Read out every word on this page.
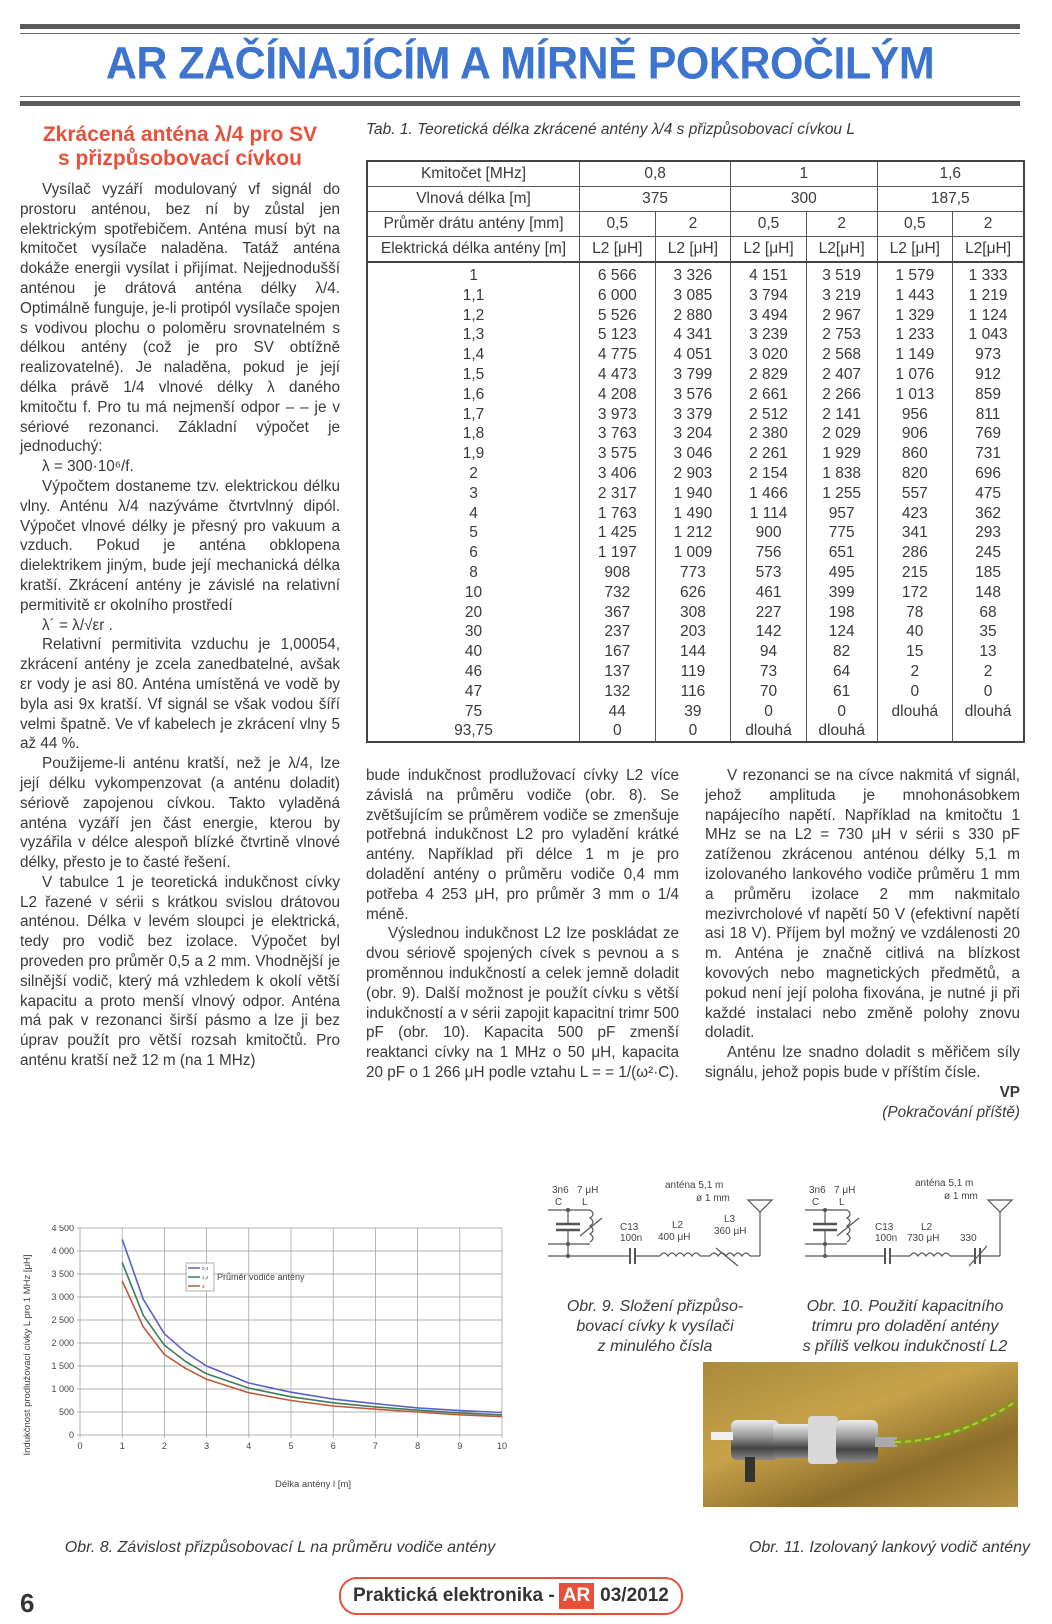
AR ZAČÍNAJÍCÍM A MÍRNĚ POKROČILÝM
Zkrácená anténa λ/4 pro SV
s přizpůsobovací cívkou

Vysílač vyzáří modulovaný vf signál do prostoru anténou, bez ní by zůstal jen elektrickým spotřebičem. Anténa musí být na kmitočet vysílače naladěna. Tatáž anténa dokáže energii vysílat i přijímat. Nejjednodušší anténou je drátová anténa délky λ/4. Optimálně funguje, je-li protipól vysílače spojen s vodivou plochu o poloměru srovnatelném s délkou antény (což je pro SV obtížně realizovatelné). Je naladěna, pokud je její délka právě 1/4 vlnové délky λ daného kmitočtu f. Pro tu má nejmenší odpor – – je v sériové rezonanci. Základní výpočet je jednoduchý:

λ = 300·10⁶/f.

Výpočtem dostaneme tzv. elektrickou délku vlny. Anténu λ/4 nazýváme čtvrtvlnný dipól. Výpočet vlnové délky je přesný pro vakuum a vzduch. Pokud je anténa obklopena dielektrikem jiným, bude její mechanická délka kratší. Zkrácení antény je závislé na relativní permitivitě εr okolního prostředí

λ´ = λ/√εr .

Relativní permitivita vzduchu je 1,00054, zkrácení antény je zcela zanedbatelné, avšak εr vody je asi 80. Anténa umístěná ve vodě by byla asi 9x kratší. Vf signál se však vodou šíří velmi špatně. Ve vf kabelech je zkrácení vlny 5 až 44 %.

Použijeme-li anténu kratší, než je λ/4, lze její délku vykompenzovat (a anténu doladit) sériově zapojenou cívkou. Takto vyladěná anténa vyzáří jen část energie, kterou by vyzářila v délce alespoň blízké čtvrtině vlnové délky, přesto je to časté řešení.

V tabulce 1 je teoretická indukčnost cívky L2 řazené v sérii s krátkou svislou drátovou anténou. Délka v levém sloupci je elektrická, tedy pro vodič bez izolace. Výpočet byl proveden pro průměr 0,5 a 2 mm. Vhodnější je silnější vodič, který má vzhledem k okolí větší kapacitu a proto menší vlnový odpor. Anténa má pak v rezonanci širší pásmo a lze ji bez úprav použít pro větší rozsah kmitočtů. Pro anténu kratší než 12 m (na 1 MHz)

Tab. 1. Teoretická délka zkrácené antény λ/4 s přizpůsobovací cívkou L
Kmitočet [MHz]	0,8		1		1,6	
Vlnová délka [m]	375		300		187,5	
Průměr drátu antény [mm]	0,5	2	0,5	2	0,5	2
Elektrická délka antény [m]	L2 [μH]	L2 [μH]	L2 [μH]	L2[μH]	L2 [μH]	L2[μH]
1	6 566	3 326	4 151	3 519	1 579	1 333
1,1	6 000	3 085	3 794	3 219	1 443	1 219
1,2	5 526	2 880	3 494	2 967	1 329	1 124
1,3	5 123	4 341	3 239	2 753	1 233	1 043
1,4	4 775	4 051	3 020	2 568	1 149	973
1,5	4 473	3 799	2 829	2 407	1 076	912
1,6	4 208	3 576	2 661	2 266	1 013	859
1,7	3 973	3 379	2 512	2 141	956	811
1,8	3 763	3 204	2 380	2 029	906	769
1,9	3 575	3 046	2 261	1 929	860	731
2	3 406	2 903	2 154	1 838	820	696
3	2 317	1 940	1 466	1 255	557	475
4	1 763	1 490	1 114	957	423	362
5	1 425	1 212	900	775	341	293
6	1 197	1 009	756	651	286	245
8	908	773	573	495	215	185
10	732	626	461	399	172	148
20	367	308	227	198	78	68
30	237	203	142	124	40	35
40	167	144	94	82	15	13
46	137	119	73	64	2	2
47	132	116	70	61	0	0
75	44	39	0	0	dlouhá	dlouhá
93,75	0	0	dlouhá	dlouhá		

bude indukčnost prodlužovací cívky L2 více závislá na průměru vodiče (obr. 8). Se zvětšujícím se průměrem vodiče se zmenšuje potřebná indukčnost L2 pro vyladění krátké antény. Například při délce 1 m je pro doladění antény o průměru vodiče 0,4 mm potřeba 4 253 μH, pro průměr 3 mm o 1/4 méně.

Výslednou indukčnost L2 lze poskládat ze dvou sériově spojených cívek s pevnou a s proměnnou indukčností a celek jemně doladit (obr. 9). Další možnost je použít cívku s větší indukčností a v sérii zapojit kapacitní trimr 500 pF (obr. 10). Kapacita 500 pF zmenší reaktanci cívky na 1 MHz o 50 μH, kapacita 20 pF o 1 266 μH podle vztahu L = = 1/(ω²·C).

V rezonanci se na cívce nakmitá vf signál, jehož amplituda je mnohonásobkem napájecího napětí. Například na kmitočtu 1 MHz se na L2 = 730 μH v sérii s 330 pF zatíženou zkrácenou anténou délky 5,1 m izolovaného lankového vodiče průměru 1 mm a průměru izolace 2 mm nakmitalo mezivrcholové vf napětí 50 V (efektivní napětí asi 18 V). Příjem byl možný ve vzdálenosti 20 m. Anténa je značně citlivá na blízkost kovových nebo magnetických předmětů, a pokud není její poloha fixována, je nutné ji při každé instalaci nebo změně polohy znovu doladit.

Anténu lze snadno doladit s měřičem síly signálu, jehož popis bude v příštím čísle.

VP
(Pokračování příště)
0	1	2	3	4	5	6	7	8	9	10
0
500
1 000
1 500
2 000
2 500
3 000
3 500
4 000
4 500
Indukčnost prodlužovací cívky L pro 1 MHz [μH]
Délka antény l [m]
0,4
1,2
3
Průměr vodiče antény
Obr. 8. Závislost přizpůsobovací L na průměru vodiče antény
3n6 7 μH
C L
anténa 5,1 m
ø 1 mm
C13
100n
L2
400 μH
L3
360 μH
Obr. 9. Složení přizpůso-
bovací cívky k vysílači
z minulého čísla
3n6 7 μH
C L
anténa 5,1 m
ø 1 mm
C13
100n
L2
730 μH 330
Obr. 10. Použití kapacitního
trimru pro doladění antény
s příliš velkou indukčností L2
Obr. 11. Izolovaný lankový vodič antény
6	Praktická elektronika - AR 03/2012
